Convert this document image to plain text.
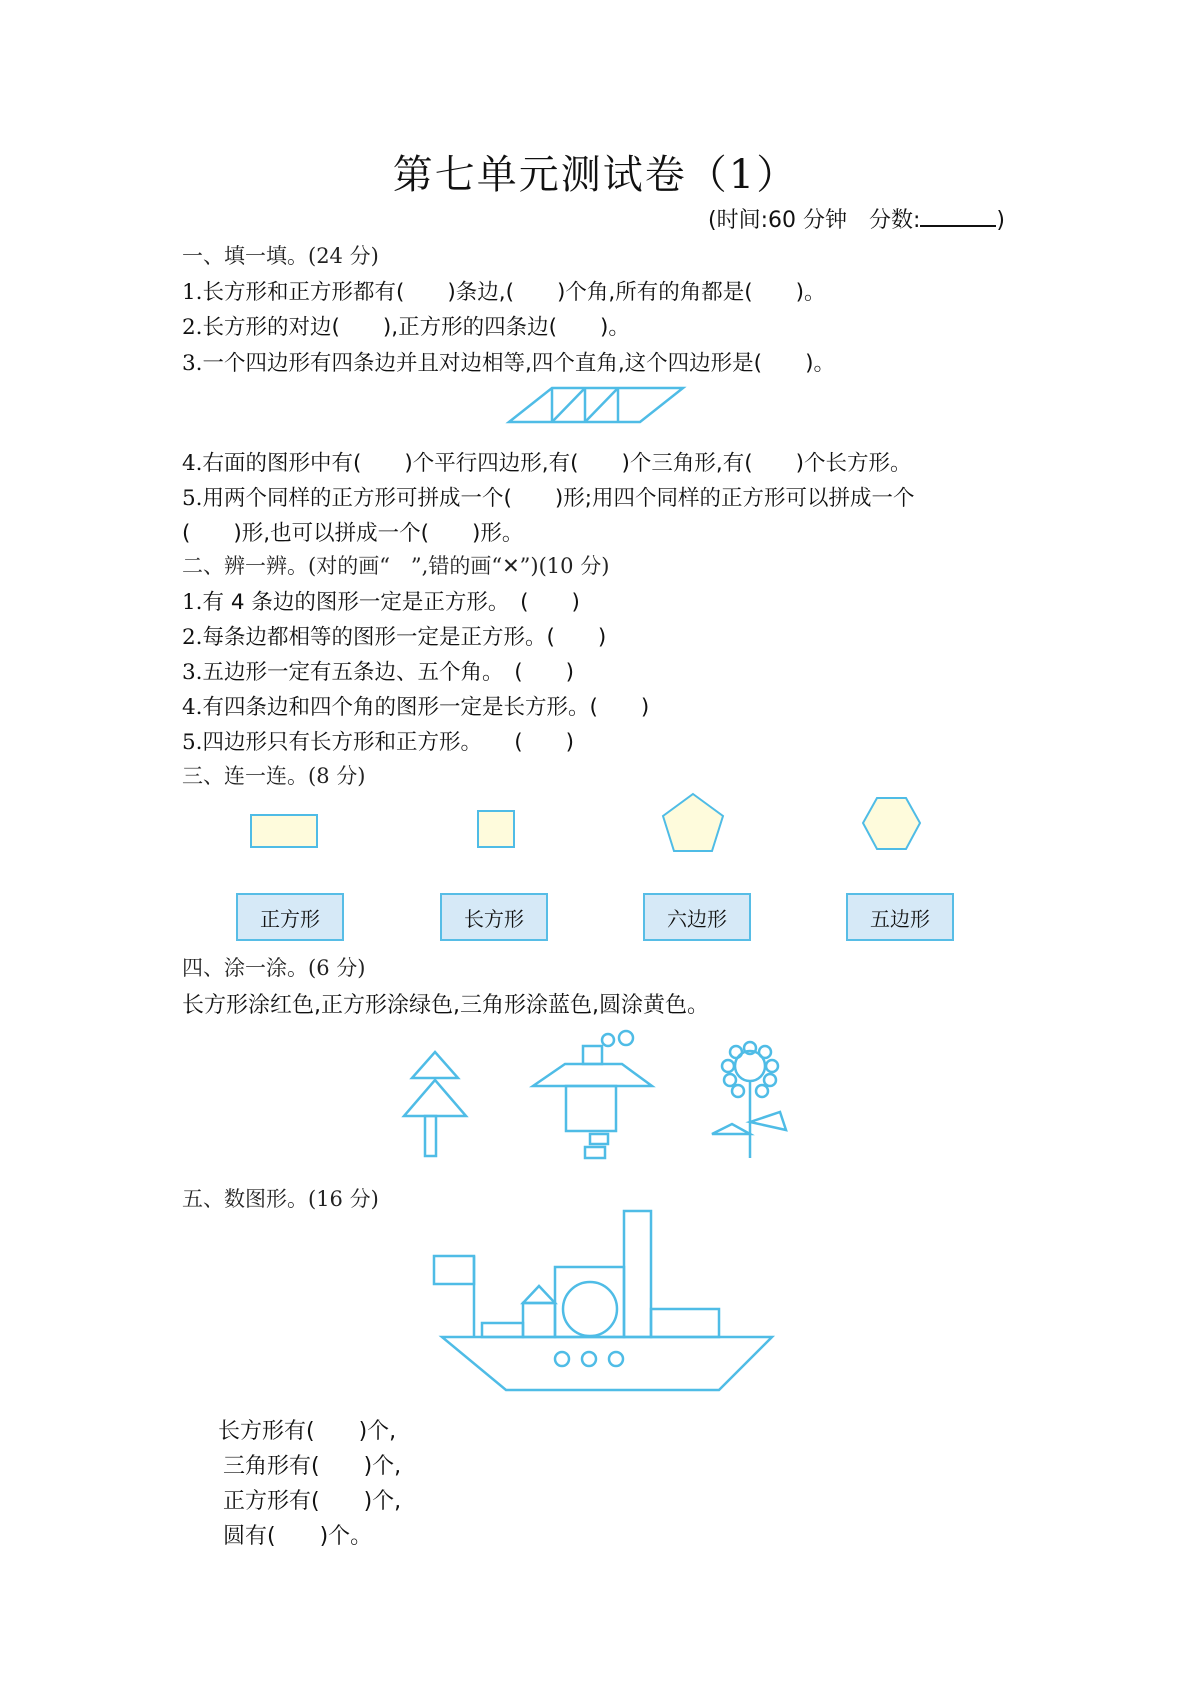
第七单元测试卷（1）
(时间:60 分钟　分数:	)
一、填一填。(24 分)
1.长方形和正方形都有(　　)条边,(　　)个角,所有的角都是(　　)。
2.长方形的对边(　　),正方形的四条边(　　)。
3.一个四边形有四条边并且对边相等,四个直角,这个四边形是(　　)。
4.右面的图形中有(　　)个平行四边形,有(　　)个三角形,有(　　)个长方形。
5.用两个同样的正方形可拼成一个(　　)形;用四个同样的正方形可以拼成一个
(　　)形,也可以拼成一个(　　)形。
二、辨一辨。(对的画“　”,错的画“✕”)(10 分)
1.有 4 条边的图形一定是正方形。　(　　)
2.每条边都相等的图形一定是正方形。(　　)
3.五边形一定有五条边、五个角。　(　　)
4.有四条边和四个角的图形一定是长方形。(　　)
5.四边形只有长方形和正方形。　　(　　)
三、连一连。(8 分)
正方形	长方形	六边形	五边形
四、涂一涂。(6 分)
长方形涂红色,正方形涂绿色,三角形涂蓝色,圆涂黄色。
五、数图形。(16 分)
长方形有(　　)个,
三角形有(　　)个,
正方形有(　　)个,
圆有(　　)个。
